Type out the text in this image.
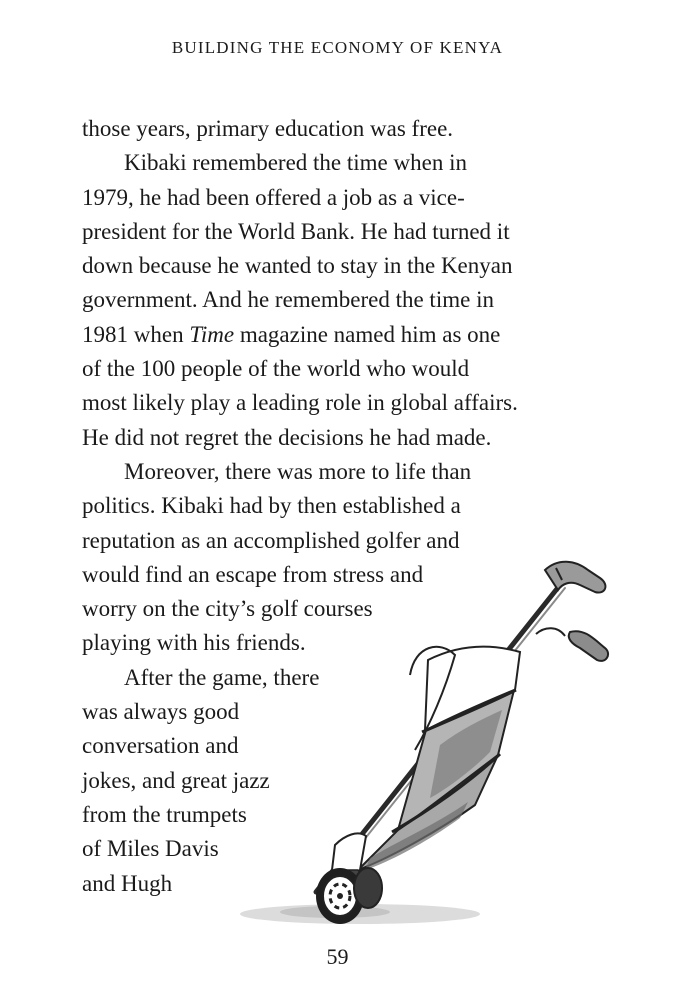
BUILDING THE ECONOMY OF KENYA
those years, primary education was free.
Kibaki remembered the time when in
1979, he had been offered a job as a vice-
president for the World Bank. He had turned it
down because he wanted to stay in the Kenyan
government. And he remembered the time in
1981 when Time magazine named him as one
of the 100 people of the world who would
most likely play a leading role in global affairs.
He did not regret the decisions he had made.
Moreover, there was more to life than
politics. Kibaki had by then established a
reputation as an accomplished golfer and
would find an escape from stress and
worry on the city’s golf courses
playing with his friends.
After the game, there
was always good
conversation and
jokes, and great jazz
from the trumpets
of Miles Davis
and Hugh
59
